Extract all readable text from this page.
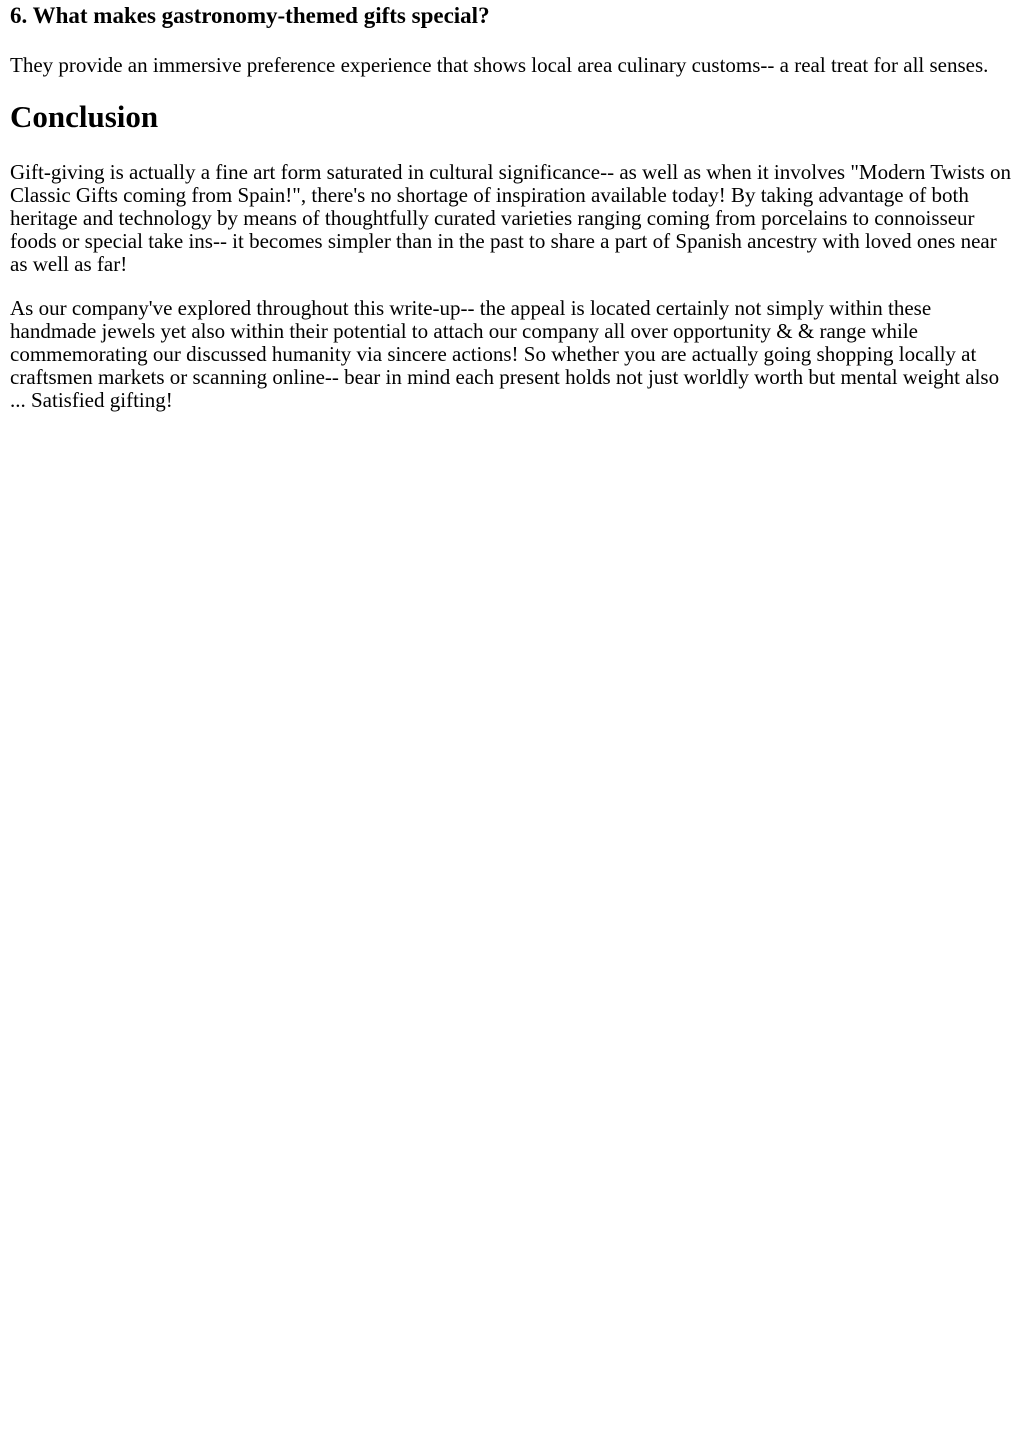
6. What makes gastronomy-themed gifts special?

They provide an immersive preference experience that shows local area culinary customs-- a real treat for all senses.

Conclusion

Gift-giving is actually a fine art form saturated in cultural significance-- as well as when it involves "Modern Twists on Classic Gifts coming from Spain!", there's no shortage of inspiration available today! By taking advantage of both heritage and technology by means of thoughtfully curated varieties ranging coming from porcelains to connoisseur foods or special take ins-- it becomes simpler than in the past to share a part of Spanish ancestry with loved ones near as well as far!

As our company've explored throughout this write-up-- the appeal is located certainly not simply within these handmade jewels yet also within their potential to attach our company all over opportunity & & range while commemorating our discussed humanity via sincere actions! So whether you are actually going shopping locally at craftsmen markets or scanning online-- bear in mind each present holds not just worldly worth but mental weight also ... Satisfied gifting!
